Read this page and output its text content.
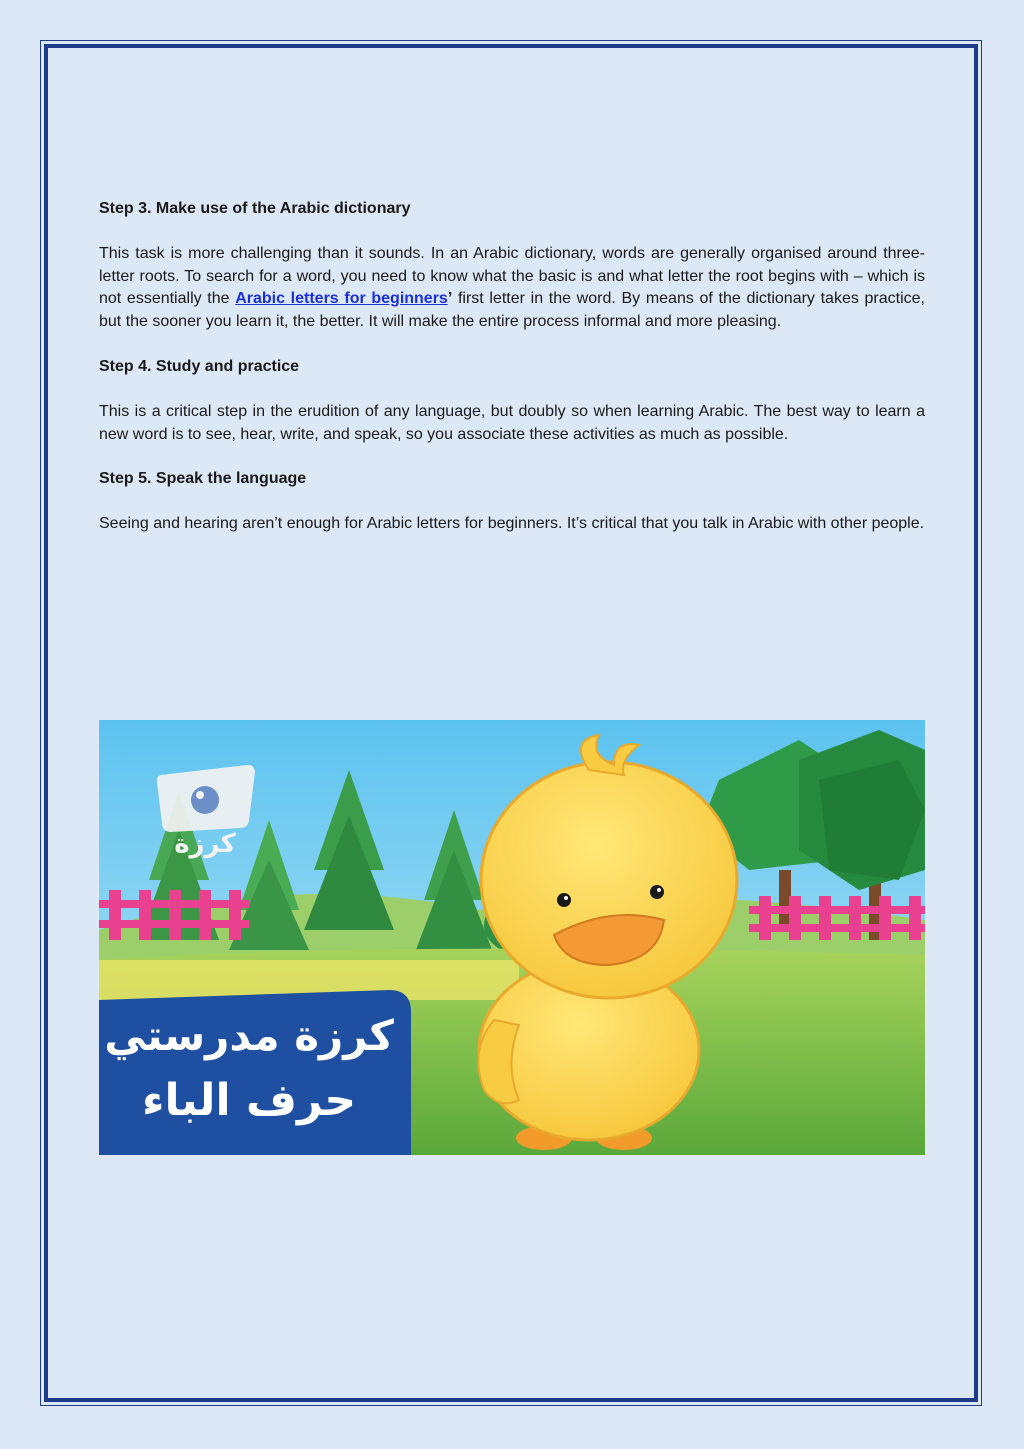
Step 3. Make use of the Arabic dictionary

This task is more challenging than it sounds. In an Arabic dictionary, words are generally organised around three-letter roots. To search for a word, you need to know what the basic is and what letter the root begins with – which is not essentially the Arabic letters for beginners’ first letter in the word. By means of the dictionary takes practice, but the sooner you learn it, the better. It will make the entire process informal and more pleasing.

Step 4. Study and practice

This is a critical step in the erudition of any language, but doubly so when learning Arabic. The best way to learn a new word is to see, hear, write, and speak, so you associate these activities as much as possible.

Step 5. Speak the language

Seeing and hearing aren’t enough for Arabic letters for beginners. It’s critical that you talk in Arabic with other people.

كرزة
كرزة مدرستي
حرف الباء
